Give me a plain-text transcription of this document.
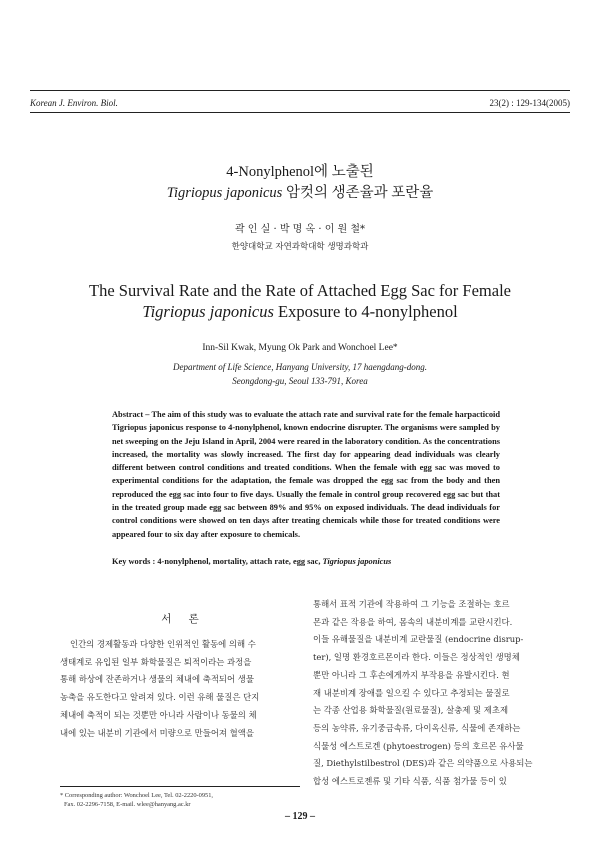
Korean J. Environ. Biol.	23(2) : 129-134(2005)
4-Nonylphenol에 노출된
Tigriopus japonicus 암컷의 생존율과 포란율
곽 인 실 · 박 명 옥 · 이 원 철*
한양대학교 자연과학대학 생명과학과
The Survival Rate and the Rate of Attached Egg Sac for Female
Tigriopus japonicus Exposure to 4-nonylphenol
Inn-Sil Kwak, Myung Ok Park and Wonchoel Lee*
Department of Life Science, Hanyang University, 17 haengdang-dong.
Seongdong-gu, Seoul 133-791, Korea
Abstract – The aim of this study was to evaluate the attach rate and survival rate for the female harpacticoid Tigriopus japonicus response to 4-nonylphenol, known endocrine disrupter. The organisms were sampled by net sweeping on the Jeju Island in April, 2004 were reared in the laboratory condition. As the concentrations increased, the mortality was slowly increased. The first day for appearing dead individuals was clearly different between control conditions and treated conditions. When the female with egg sac was moved to experimental conditions for the adaptation, the female was dropped the egg sac from the body and then reproduced the egg sac into four to five days. Usually the female in control group recovered egg sac but that in the treated group made egg sac between 89% and 95% on exposed individuals. The dead individuals for control conditions were showed on ten days after treating chemicals while those for treated conditions were appeared four to six day after exposure to chemicals.
Key words : 4-nonylphenol, mortality, attach rate, egg sac, Tigriopus japonicus
서 론
인간의 경제활동과 다양한 인위적인 활동에 의해 수
생태계로 유입된 일부 화학물질은 퇴적이라는 과정을
통해 하상에 잔존하거나 생물의 체내에 축적되어 생물
농축을 유도한다고 알려져 있다. 이런 유해 물질은 단지
체내에 축적이 되는 것뿐만 아니라 사람이나 동물의 체
내에 있는 내분비 기관에서 미량으로 만들어져 혈액을
통해서 표적 기관에 작용하여 그 기능을 조절하는 호르
몬과 같은 작용을 하여, 몸속의 내분비계를 교란시킨다.
이들 유해물질을 내분비계 교란물질 (endocrine disrup-
ter), 일명 환경호르몬이라 한다. 이들은 정상적인 생명체
뿐만 아니라 그 후손에게까지 부작용을 유발시킨다. 현
재 내분비계 장애를 일으킬 수 있다고 추정되는 물질로
는 각종 산업용 화학물질(원료물질), 살충제 및 제초제
등의 농약류, 유기중금속류, 다이옥신류, 식물에 존재하는
식물성 에스트로겐 (phytoestrogen) 등의 호르몬 유사물
질, Diethylstilbestrol (DES)과 같은 의약품으로 사용되는
합성 에스트로젠류 및 기타 식품, 식품 첨가물 등이 있
* Corresponding author: Wonchoel Lee, Tel. 02-2220-0951,
Fax. 02-2296-7158, E-mail. wlee@hanyang.ac.kr
– 129 –
